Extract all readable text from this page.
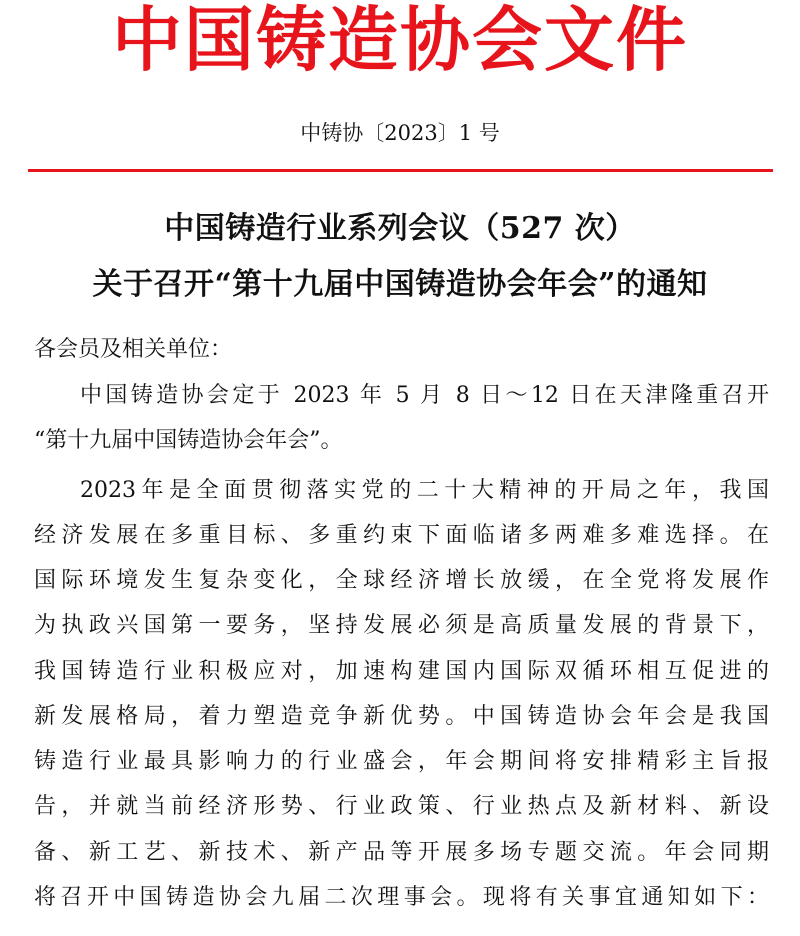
中国铸造协会文件
中铸协〔2023〕1 号
中国铸造行业系列会议（527 次）
关于召开“第十九届中国铸造协会年会”的通知
各会员及相关单位：
中国铸造协会定于 2023 年 5 月 8 日～12 日在天津隆重召开
“第十九届中国铸造协会年会”。
2023年是全面贯彻落实党的二十大精神的开局之年，我国
经济发展在多重目标、多重约束下面临诸多两难多难选择。在
国际环境发生复杂变化，全球经济增长放缓，在全党将发展作
为执政兴国第一要务，坚持发展必须是高质量发展的背景下，
我国铸造行业积极应对，加速构建国内国际双循环相互促进的
新发展格局，着力塑造竞争新优势。中国铸造协会年会是我国
铸造行业最具影响力的行业盛会，年会期间将安排精彩主旨报
告，并就当前经济形势、行业政策、行业热点及新材料、新设
备、新工艺、新技术、新产品等开展多场专题交流。年会同期
将召开中国铸造协会九届二次理事会。现将有关事宜通知如下：
